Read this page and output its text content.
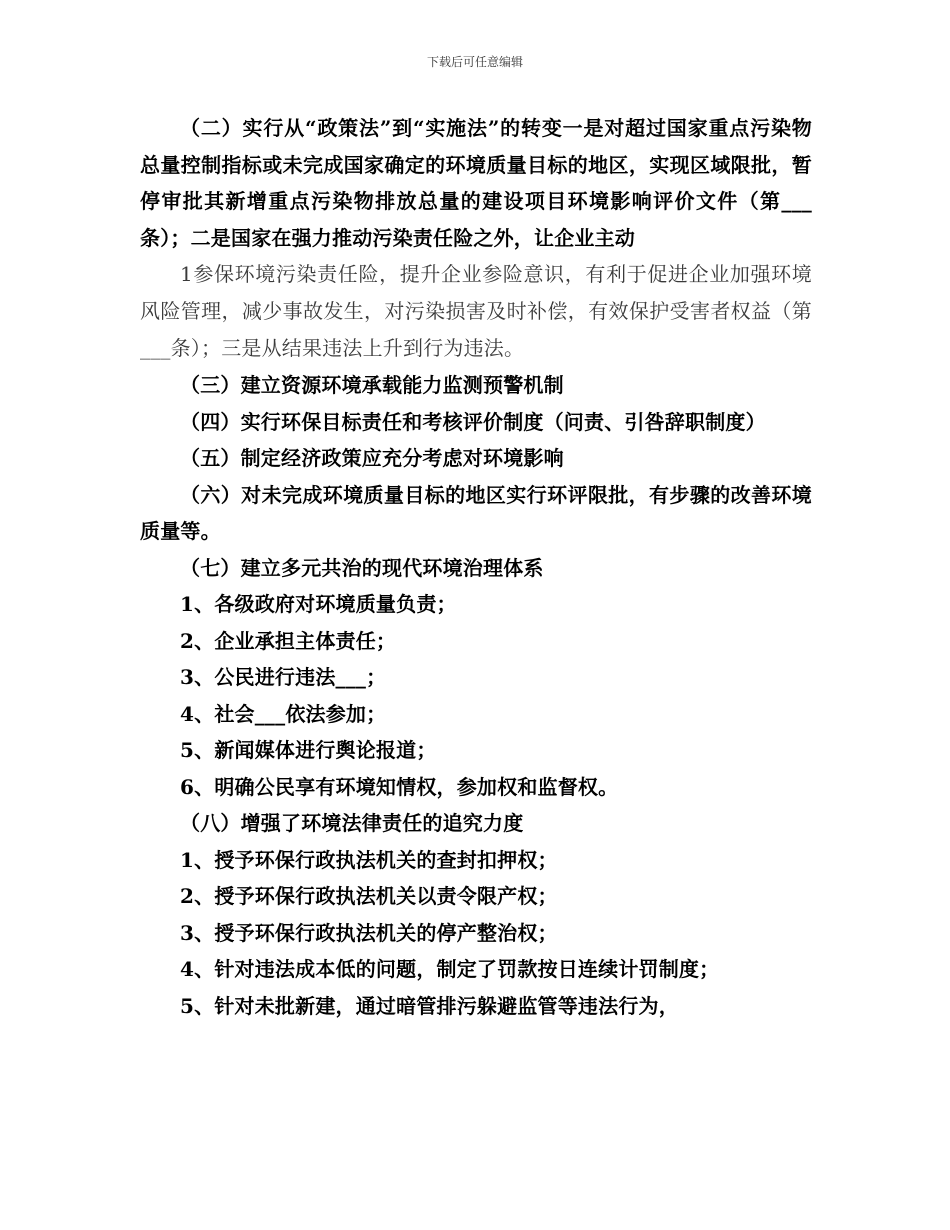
下载后可任意编辑

（二）实行从“政策法”到“实施法”的转变一是对超过国家重点污染物总量控制指标或未完成国家确定的环境质量目标的地区，实现区域限批，暂停审批其新增重点污染物排放总量的建设项目环境影响评价文件（第___条）；二是国家在强力推动污染责任险之外，让企业主动

1参保环境污染责任险，提升企业参险意识，有利于促进企业加强环境风险管理，减少事故发生，对污染损害及时补偿，有效保护受害者权益（第___条）；三是从结果违法上升到行为违法。

（三）建立资源环境承载能力监测预警机制

（四）实行环保目标责任和考核评价制度（问责、引咎辞职制度）

（五）制定经济政策应充分考虑对环境影响

（六）对未完成环境质量目标的地区实行环评限批，有步骤的改善环境质量等。

（七）建立多元共治的现代环境治理体系

1、各级政府对环境质量负责；

2、企业承担主体责任；

3、公民进行违法___；

4、社会___依法参加；

5、新闻媒体进行舆论报道；

6、明确公民享有环境知情权，参加权和监督权。

（八）增强了环境法律责任的追究力度

1、授予环保行政执法机关的查封扣押权；

2、授予环保行政执法机关以责令限产权；

3、授予环保行政执法机关的停产整治权；

4、针对违法成本低的问题，制定了罚款按日连续计罚制度；

5、针对未批新建，通过暗管排污躲避监管等违法行为，
